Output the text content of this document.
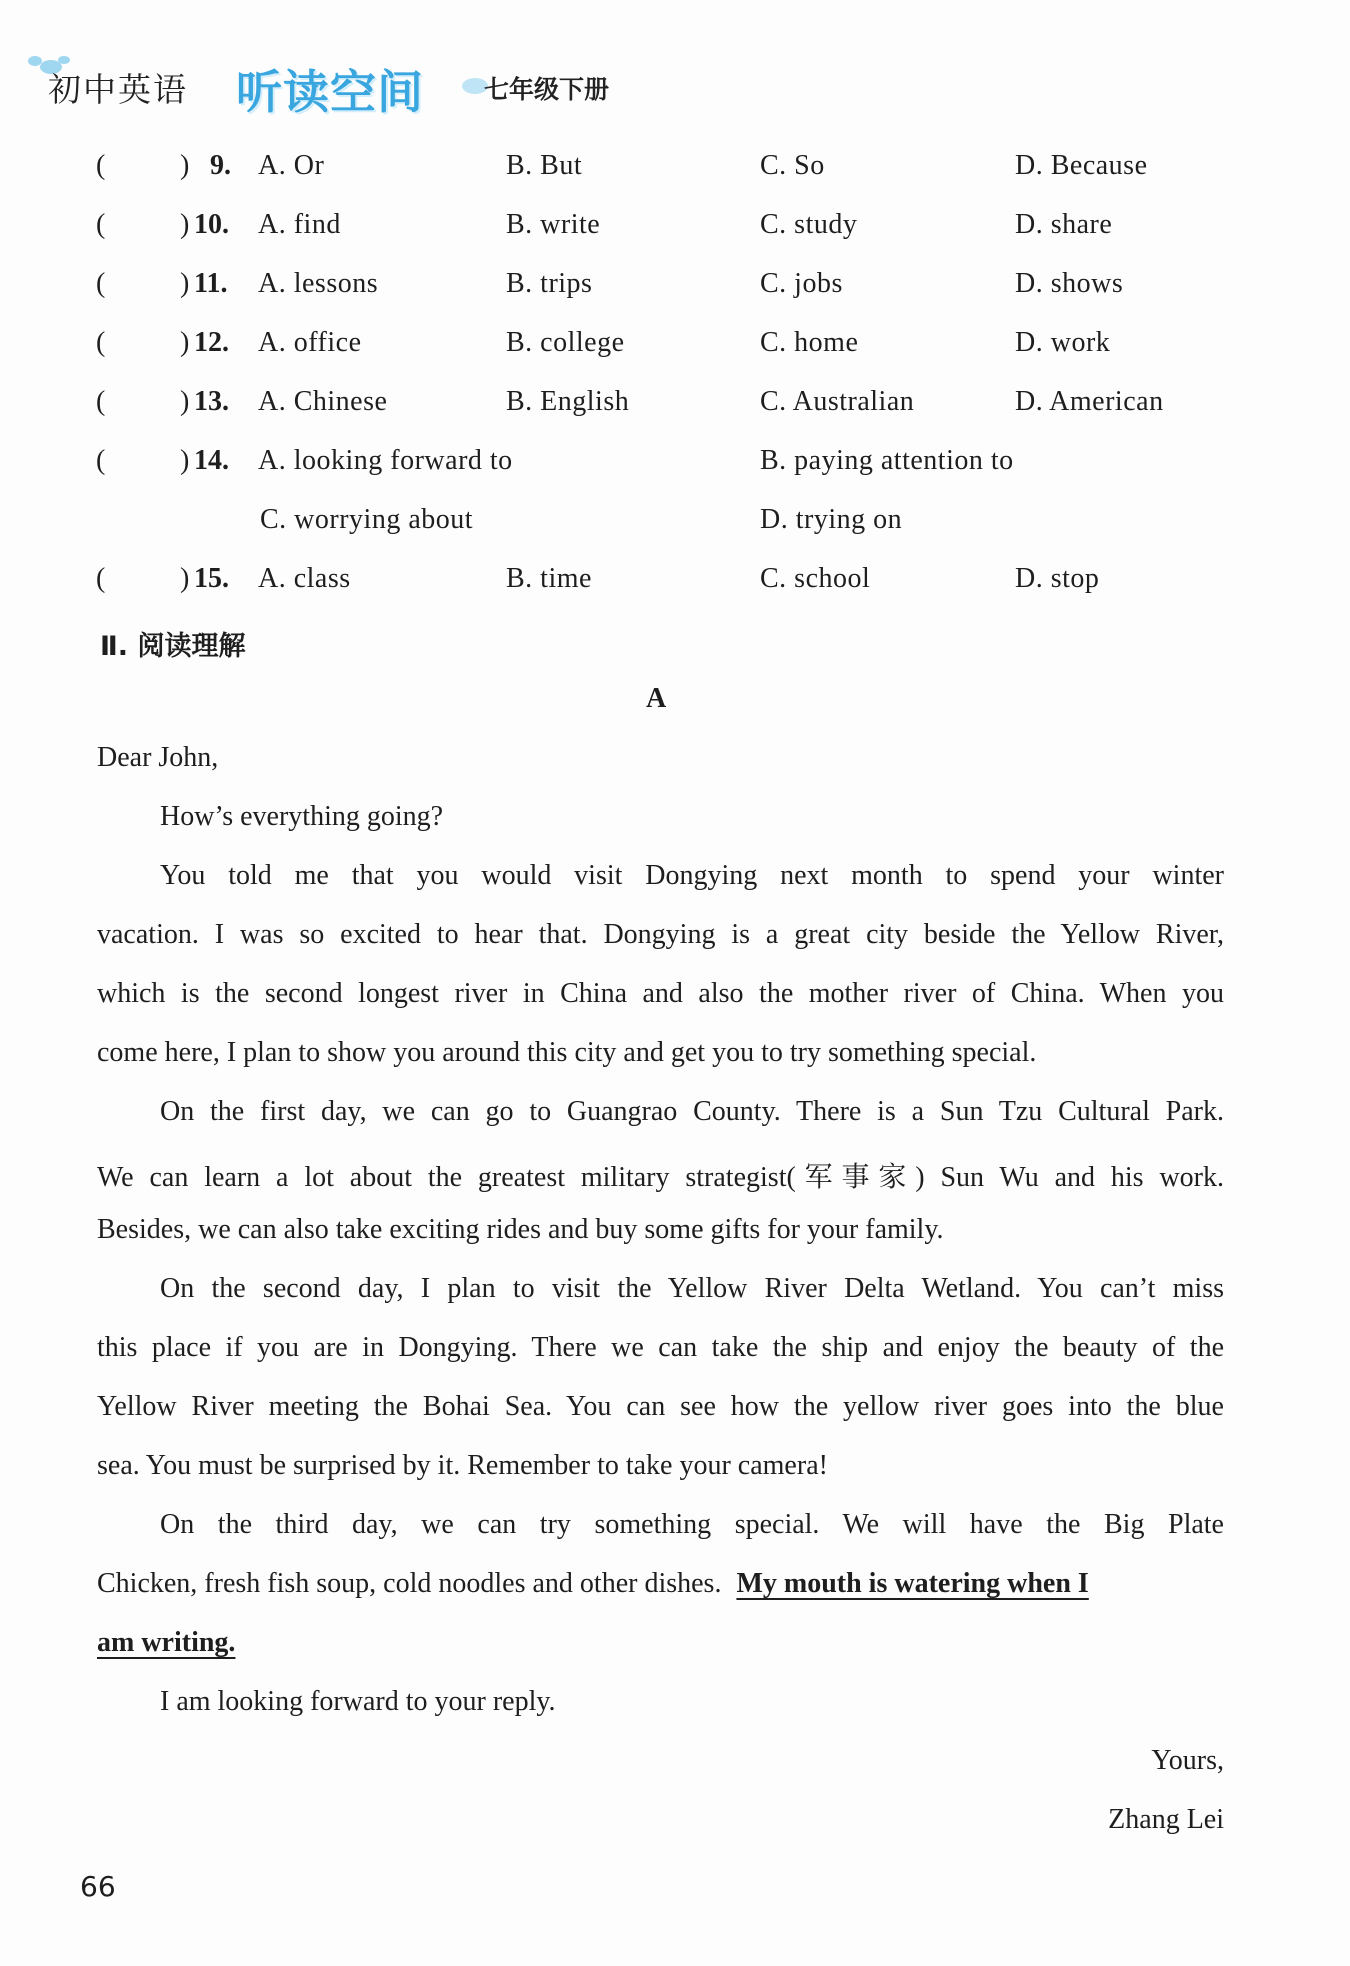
初中英语 听读空间 七年级下册
(	) 9. A. Or	B. But	C. So	D. Because
(	) 10. A. find	B. write	C. study	D. share
(	) 11. A. lessons	B. trips	C. jobs	D. shows
(	) 12. A. office	B. college	C. home	D. work
(	) 13. A. Chinese	B. English	C. Australian	D. American
(	) 14. A. looking forward to	B. paying attention to
C. worrying about	D. trying on
(	) 15. A. class	B. time	C. school	D. stop
Ⅱ. 阅读理解
A
Dear John,
How’s everything going?
You told me that you would visit Dongying next month to spend your winter
vacation. I was so excited to hear that. Dongying is a great city beside the Yellow River,
which is the second longest river in China and also the mother river of China. When you
come here, I plan to show you around this city and get you to try something special.
On the first day, we can go to Guangrao County. There is a Sun Tzu Cultural Park.
We can learn a lot about the greatest military strategist(军事家) Sun Wu and his work.
Besides, we can also take exciting rides and buy some gifts for your family.
On the second day, I plan to visit the Yellow River Delta Wetland. You can’t miss
this place if you are in Dongying. There we can take the ship and enjoy the beauty of the
Yellow River meeting the Bohai Sea. You can see how the yellow river goes into the blue
sea. You must be surprised by it. Remember to take your camera!
On the third day, we can try something special. We will have the Big Plate
Chicken, fresh fish soup, cold noodles and other dishes. My mouth is watering when I
am writing.
I am looking forward to your reply.
Yours,
Zhang Lei
66
